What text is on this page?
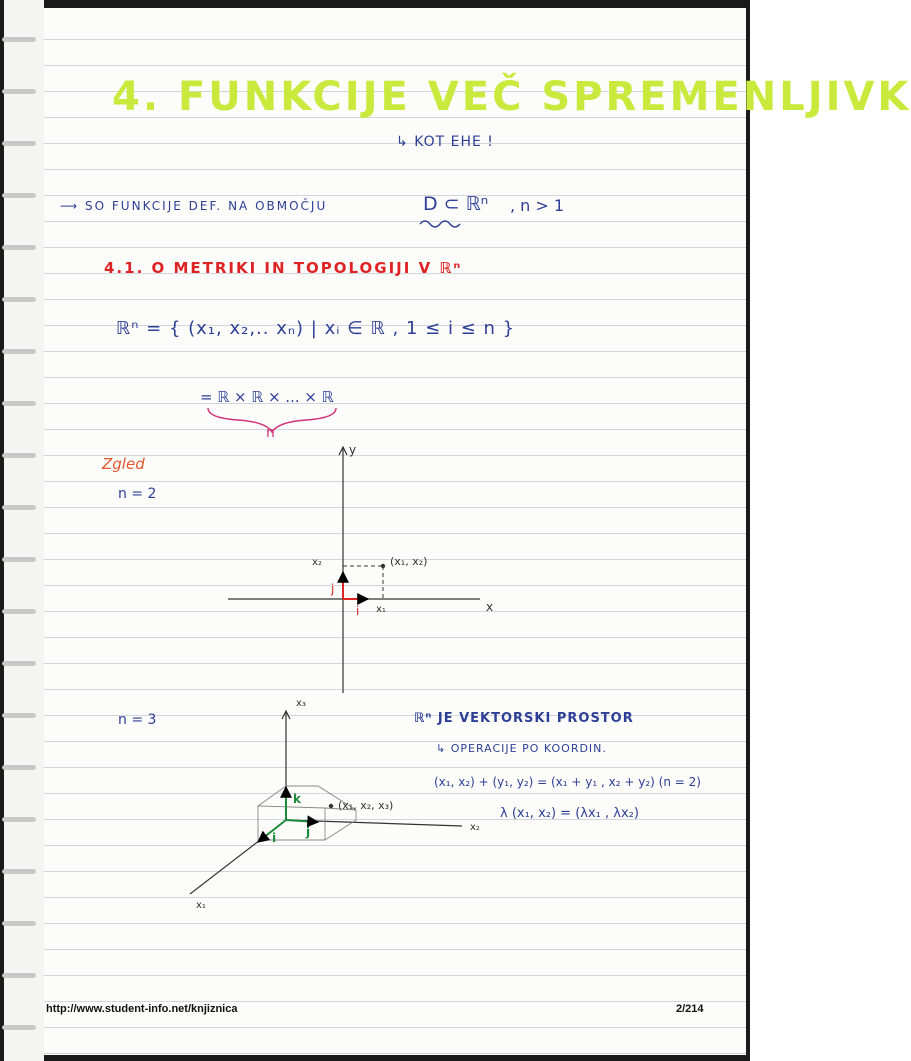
4. FUNKCIJE VEČ SPREMENLJIVK
↳ KOT EHE !
⟶ SO FUNKCIJE DEF. NA OBMOČJU	D ⊂ ℝⁿ , n > 1
4.1. O METRIKI IN TOPOLOGIJI V ℝⁿ
ℝⁿ = { (x₁, x₂,.. xₙ) | xᵢ ∈ ℝ , 1 ≤ i ≤ n }
= ℝ × ℝ × ... × ℝ
n
Zgled
n = 2
n = 3	ℝⁿ JE VEKTORSKI PROSTOR
↳ OPERACIJE PO KOORDIN.
(x₁, x₂) + (y₁, y₂) = (x₁ + y₁ , x₂ + y₂) (n = 2)
λ (x₁, x₂) = (λx₁ , λx₂)
x
y
x₁
x₂	(x₁, x₂)
i
j
x₃
x₂
x₁
(x₁, x₂, x₃)
k
j
i
http://www.student-info.net/knjiznica	2/214
